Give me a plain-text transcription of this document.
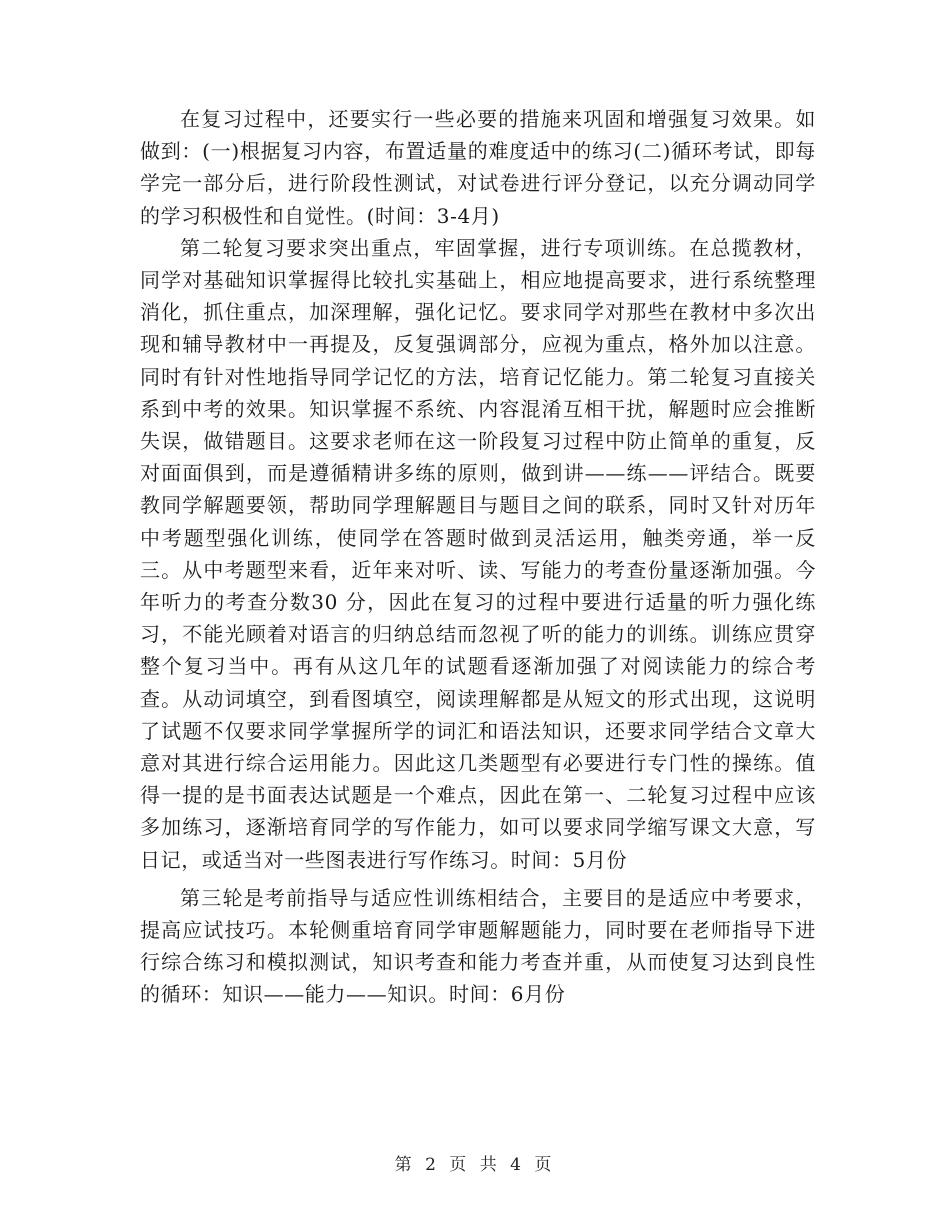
在复习过程中，还要实行一些必要的措施来巩固和增强复习效果。如做到：(一)根据复习内容，布置适量的难度适中的练习(二)循环考试，即每学完一部分后，进行阶段性测试，对试卷进行评分登记，以充分调动同学的学习积极性和自觉性。(时间：3-4月)

第二轮复习要求突出重点，牢固掌握，进行专项训练。在总揽教材，同学对基础知识掌握得比较扎实基础上，相应地提高要求，进行系统整理消化，抓住重点，加深理解，强化记忆。要求同学对那些在教材中多次出现和辅导教材中一再提及，反复强调部分，应视为重点，格外加以注意。同时有针对性地指导同学记忆的方法，培育记忆能力。第二轮复习直接关系到中考的效果。知识掌握不系统、内容混淆互相干扰，解题时应会推断失误，做错题目。这要求老师在这一阶段复习过程中防止简单的重复，反对面面俱到，而是遵循精讲多练的原则，做到讲——练——评结合。既要教同学解题要领，帮助同学理解题目与题目之间的联系，同时又针对历年中考题型强化训练，使同学在答题时做到灵活运用，触类旁通，举一反三。从中考题型来看，近年来对听、读、写能力的考查份量逐渐加强。今年听力的考查分数30 分，因此在复习的过程中要进行适量的听力强化练习，不能光顾着对语言的归纳总结而忽视了听的能力的训练。训练应贯穿整个复习当中。再有从这几年的试题看逐渐加强了对阅读能力的综合考查。从动词填空，到看图填空，阅读理解都是从短文的形式出现，这说明了试题不仅要求同学掌握所学的词汇和语法知识，还要求同学结合文章大意对其进行综合运用能力。因此这几类题型有必要进行专门性的操练。值得一提的是书面表达试题是一个难点，因此在第一、二轮复习过程中应该多加练习，逐渐培育同学的写作能力，如可以要求同学缩写课文大意，写日记，或适当对一些图表进行写作练习。时间：5月份

第三轮是考前指导与适应性训练相结合，主要目的是适应中考要求，提高应试技巧。本轮侧重培育同学审题解题能力，同时要在老师指导下进行综合练习和模拟测试，知识考查和能力考查并重，从而使复习达到良性的循环：知识——能力——知识。时间：6月份

第 2 页 共 4 页
